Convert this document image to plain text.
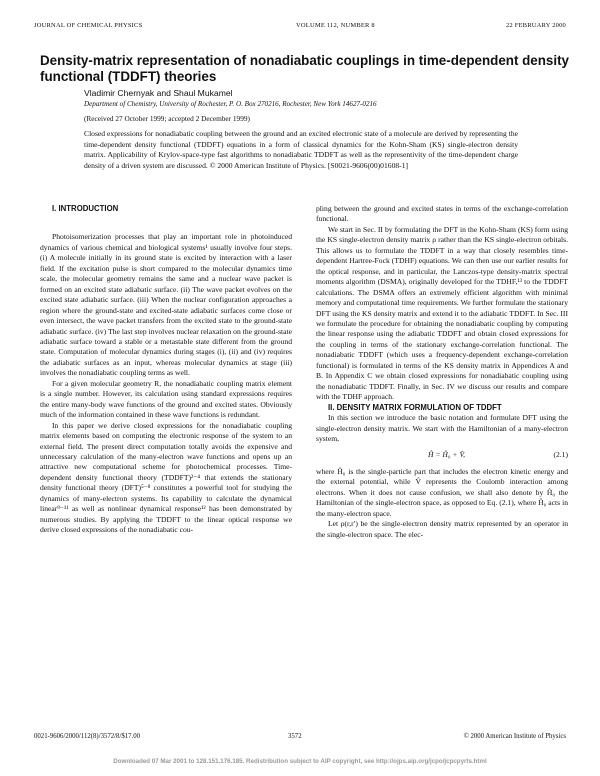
JOURNAL OF CHEMICAL PHYSICS	VOLUME 112, NUMBER 8	22 FEBRUARY 2000
Density-matrix representation of nonadiabatic couplings in time-dependent density functional (TDDFT) theories
Vladimir Chernyak and Shaul Mukamel
Department of Chemistry, University of Rochester, P. O. Box 270216, Rochester, New York 14627-0216
(Received 27 October 1999; accepted 2 December 1999)
Closed expressions for nonadiabatic coupling between the ground and an excited electronic state of a molecule are derived by representing the time-dependent density functional (TDDFT) equations in a form of classical dynamics for the Kohn-Sham (KS) single-electron density matrix. Applicability of Krylov-space-type fast algorithms to nonadiabatic TDDFT as well as the representivity of the time-dependent charge density of a driven system are discussed. © 2000 American Institute of Physics. [S0021-9606(00)01608-1]

I. INTRODUCTION

Photoisomerization processes that play an important role in photoinduced dynamics of various chemical and biological systems¹ usually involve four steps. (i) A molecule initially in its ground state is excited by interaction with a laser field. If the excitation pulse is short compared to the molecular dynamics time scale, the molecular geometry remains the same and a nuclear wave packet is formed on an excited state adiabatic surface. (ii) The wave packet evolves on the excited state adiabatic surface. (iii) When the nuclear configuration approaches a region where the ground-state and excited-state adiabatic surfaces come close or even intersect, the wave packet transfers from the excited state to the ground-state adiabatic surface. (iv) The last step involves nuclear relaxation on the ground-state adiabatic surface toward a stable or a metastable state different from the ground state. Computation of molecular dynamics during stages (i), (ii) and (iv) requires the adiabatic surfaces as an input, whereas molecular dynamics at stage (iii) involves the nonadiabatic coupling terms as well.

For a given molecular geometry R, the nonadiabatic coupling matrix element is a single number. However, its calculation using standard expressions requires the entire many-body wave functions of the ground and excited states. Obviously much of the information contained in these wave functions is redundant.

In this paper we derive closed expressions for the nonadiabatic coupling matrix elements based on computing the electronic response of the system to an external field. The present direct computation totally avoids the expensive and unnecessary calculation of the many-electron wave functions and opens up an attractive new computational scheme for photochemical processes. Time-dependent density functional theory (TDDFT)²⁻⁴ that extends the stationary density functional theory (DFT)⁵⁻⁸ constitutes a powerful tool for studying the dynamics of many-electron systems. Its capability to calculate the dynamical linear⁹⁻¹¹ as well as nonlinear dynamical response¹² has been demonstrated by numerous studies. By applying the TDDFT to the linear optical response we derive closed expressions of the nonadiabatic cou-

pling between the ground and excited states in terms of the exchange-correlation functional.

We start in Sec. II by formulating the DFT in the Kohn-Sham (KS) form using the KS single-electron density matrix ρ rather than the KS single-electron orbitals. This allows us to formulate the TDDFT in a way that closely resembles time-dependent Hartree-Fock (TDHF) equations. We can then use our earlier results for the optical response, and in particular, the Lanczos-type density-matrix spectral moments algorithm (DSMA), originally developed for the TDHF,¹³ to the TDDFT calculations. The DSMA offers an extremely efficient algorithm with minimal memory and computational time requirements. We further formulate the stationary DFT using the KS density matrix and extend it to the adiabatic TDDFT. In Sec. III we formulate the procedure for obtaining the nonadiabatic coupling by computing the linear response using the adiabatic TDDFT and obtain closed expressions for the coupling in terms of the stationary exchange-correlation functional. The nonadiabatic TDDFT (which uses a frequency-dependent exchange-correlation functional) is formulated in terms of the KS density matrix in Appendices A and B. In Appendix C we obtain closed expressions for nonadiabatic coupling using the nonadiabatic TDDFT. Finally, in Sec. IV we discuss our results and compare with the TDHF approach.

II. DENSITY MATRIX FORMULATION OF TDDFT

In this section we introduce the basic notation and formulate DFT using the single-electron density matrix. We start with the Hamiltonian of a many-electron system,

Ĥ = Ĥ₀ + V̂,	(2.1)

where Ĥ₀ is the single-particle part that includes the electron kinetic energy and the external potential, while V̂ represents the Coulomb interaction among electrons. When it does not cause confusion, we shall also denote by Ĥ₀ the Hamiltonian of the single-electron space, as opposed to Eq. (2.1), where Ĥ₀ acts in the many-electron space.

Let ρ(r,r′) be the single-electron density matrix represented by an operator in the single-electron space. The elec-

0021-9606/2000/112(8)/3572/8/$17.00	3572	© 2000 American Institute of Physics
Downloaded 07 Mar 2001 to 128.151.176.185. Redistribution subject to AIP copyright, see http://ojps.aip.org/jcpo/jcpcpyrts.html
